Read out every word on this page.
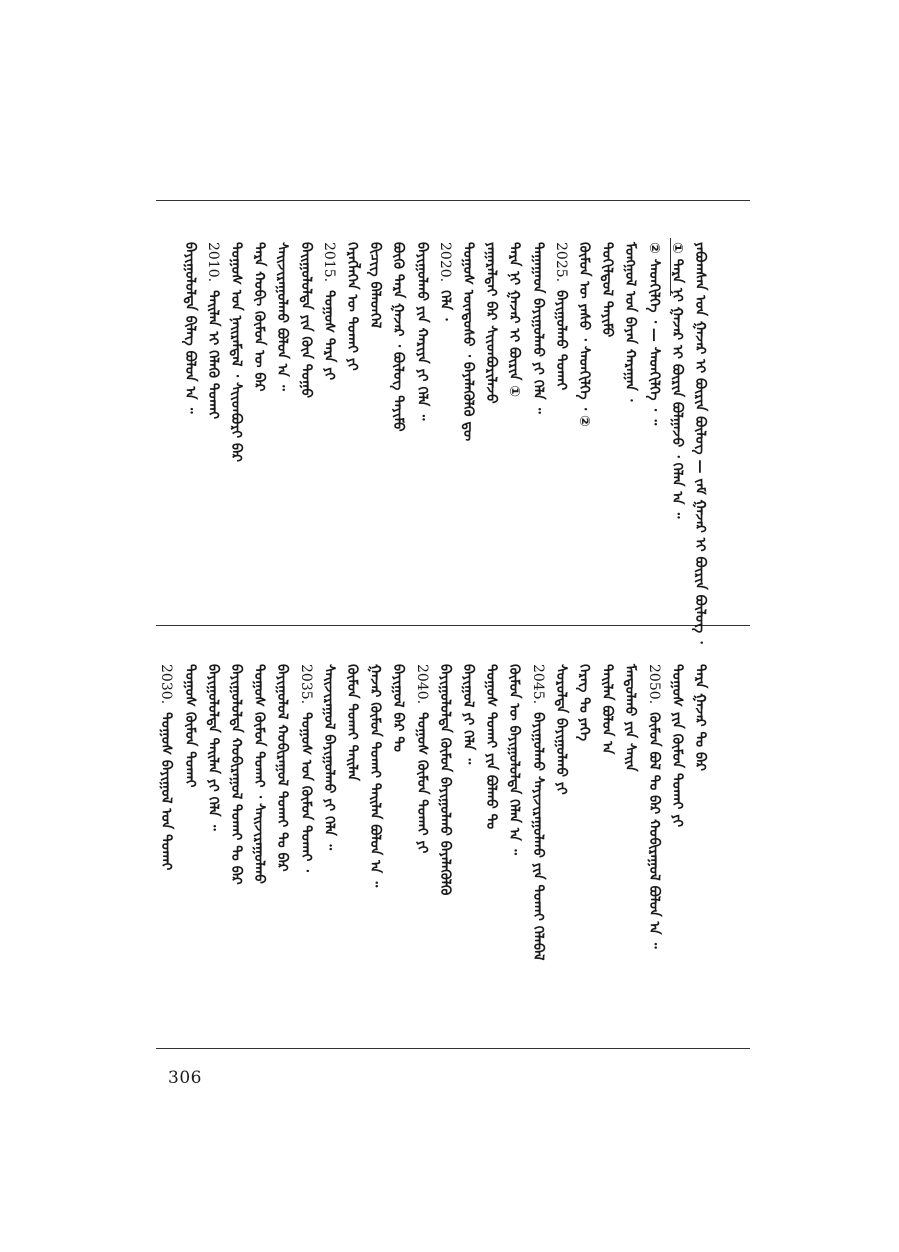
ᠶᠠᠪᠤᠭᠰᠠᠨ ᠤᠨ ᠭᠠᠵᠠᠷ ᠢ ᠪᠦᠷᠢᠨ ᠪᠦᠯᠦᠭ — ᠵᠠᠮ ᠭᠠᠵᠠᠷ ᠢ ᠪᠦᠷᠢᠨ ᠪᠦᠯᠦᠭ ᠂
① ᠲᠡᠷᠡ ᠨᠢ ᠭᠠᠵᠠᠷ ᠢ ᠪᠦᠷᠢᠨ ᠪᠣᠯᠭᠠᠵᠤ ᠂ ᠬᠡᠯᠡᠨ ᠠ ᠃
② ᠰᠡᠳᠬᠢᠯᠭᠡ ᠂ — ᠰᠡᠳᠬᠢᠯᠭᠡ ᠂ ᠃
ᠮᠣᠩᠭᠣᠯ ᠤᠨ ᠪᠠᠶᠠᠨ ᠬᠠᠷᠠᠭᠠᠨ ᠂
ᠲᠣᠬᠢᠯᠳᠤᠯ ᠲᠠᠶᠢᠮᠤ
ᠬᠦᠮᠦᠨ ᠦ ᠶᠠᠰᠤ ᠂ ᠰᠡᠳᠬᠢᠯᠭᠡ ᠂ ②
2025.ᠪᠠᠶᠢᠭᠤᠯᠬᠤ ᠲᠤᠬᠠᠢ
ᠳᠠᠭᠠᠭᠠᠳ ᠪᠠᠶᠢᠭᠤᠯᠬᠤ ᠶᠢ ᠬᠡᠯᠡ ᠃
ᠲᠡᠷᠡ ᠨᠢ ᠭᠠᠵᠠᠷ ᠢ ᠪᠦᠷᠢᠨ ①
ᠶᠠᠭᠠᠷᠠᠯᠲᠠᠢ ᠪᠠᠷ ᠰᠢᠢᠳᠪᠦᠷᠢᠯᠡᠵᠦ
ᠲᠤᠭᠤᠰ ᠦᠨᠳᠦᠰᠦ ᠂ ᠪᠡᠶᠡᠯᠡᠭᠦᠯᠬᠦ ᠳᠦ
2020.ᠬᠡᠯᠡ ᠂
ᠪᠠᠶᠢᠭᠤᠯᠬᠤ ᠶᠢᠨ ᠬᠠᠷᠢᠶᠠ ᠶᠢ ᠬᠡᠯᠡ ᠃
ᠪᠦᠬᠦ ᠲᠡᠷᠡ ᠭᠠᠵᠠᠷ ᠂ ᠪᠦᠯᠦᠭ ᠲᠠᠶᠢᠮᠤ
ᠪᠢᠴᠢᠭ ᠪᠡᠯᠡᠳᠬᠡᠯ
ᠬᠡᠷᠡᠭᠯᠡᠭᠡᠨ ᠦ ᠲᠤᠬᠠᠢ ᠶᠢ
2015.ᠲᠤᠭᠤᠰ ᠲᠡᠷᠡ ᠶᠢ
ᠪᠠᠢᠭᠤᠯᠤᠯᠲᠠ ᠶᠢᠨ ᠬᠦᠨ ᠲᠤᠭᠤ
ᠰᠠᠢᠵᠢᠷᠠᠭᠤᠯᠬᠤ ᠪᠣᠯᠤᠨ ᠠ ᠃
ᠲᠡᠷᠡ ᠬᠤᠪᠢ ᠬᠦᠮᠦᠨ ᠦ ᠪᠡᠷ
ᠲᠤᠭᠤᠰ ᠤᠨ ᠨᠠᠢᠷᠠᠮᠳᠠᠯ ᠂ ᠰᠢᠢᠳᠪᠦᠷᠢ ᠪᠡᠷ
2010.ᠲᠠᠢᠯᠠᠨ ᠢ ᠬᠡᠯᠡᠬᠦ ᠲᠤᠬᠠᠢ
ᠪᠠᠶᠢᠭᠤᠯᠤᠯᠲᠠ ᠪᠢᠯᠡᠭ ᠪᠣᠯᠤᠨ ᠠ ᠃
ᠲᠡᠷᠡ ᠭᠠᠵᠠᠷ ᠲᠤ ᠪᠡᠷ
ᠲᠤᠭᠤᠰ ᠶᠢᠨ ᠬᠦᠮᠦᠨ ᠲᠤᠬᠠᠢ ᠶᠢ
2050.ᠬᠦᠮᠦᠨ ᠪᠤᠯ ᠲᠤ ᠪᠡᠷ ᠬᠤᠪᠢᠷᠠᠭᠤᠯ ᠪᠣᠯᠤᠨ ᠠ ᠃
ᠮᠠᠨᠳᠤᠯᠬᠤ ᠶᠢᠨ ᠰᠠᠢᠨ
ᠲᠠᠢᠯᠠᠨ ᠪᠣᠯᠤᠨ ᠠ
ᠬᠡᠷᠡᠭ ᠲᠤ ᠶᠡᠬᠡ
ᠰᠤᠷᠤᠯᠲᠠ ᠪᠠᠶᠢᠭᠤᠯᠬᠤ ᠶᠢ
2045.ᠪᠠᠶᠢᠭᠤᠯᠬᠤ ᠰᠠᠶᠢᠵᠢᠷᠠᠭᠤᠯᠬᠤ ᠶᠢᠨ ᠲᠤᠬᠠᠢ ᠬᠡᠯᠡᠪᠡᠯ
ᠬᠦᠮᠦᠨ ᠦ ᠪᠠᠶᠢᠭᠤᠯᠤᠯᠲᠠ ᠬᠡᠯᠡᠨ ᠠ ᠃
ᠲᠤᠭᠤᠰ ᠲᠤᠬᠠᠢ ᠶᠢᠨ ᠪᠤᠯᠬᠤ ᠲᠤ
ᠪᠠᠶᠢᠭᠤᠯ ᠶᠢ ᠬᠡᠯᠡ ᠃
ᠪᠠᠶᠢᠭᠤᠯᠤᠯᠲᠠ ᠬᠦᠮᠦᠨ ᠪᠠᠶᠢᠭᠤᠯᠬᠤ ᠪᠡᠶᠡᠯᠡᠭᠦᠯᠬᠦ
2040.ᠲᠤᠭᠤᠰ ᠬᠦᠮᠦᠨ ᠲᠤᠬᠠᠢ ᠶᠢ
ᠪᠠᠶᠢᠭᠤᠯ ᠪᠠᠷ ᠲᠤ
ᠭᠠᠵᠠᠷ ᠬᠦᠮᠦᠨ ᠲᠤᠬᠠᠢ ᠲᠠᠢᠯᠠᠨ ᠪᠣᠯᠤᠨ ᠠ ᠃
ᠬᠦᠮᠦᠨ ᠲᠤᠬᠠᠢ ᠲᠠᠢᠯᠠᠨ
ᠰᠠᠢᠵᠢᠷᠠᠭᠤᠯ ᠪᠠᠶᠢᠭᠤᠯᠬᠤ ᠶᠢ ᠬᠡᠯᠡ ᠃
2035.ᠲᠤᠭᠤᠰ ᠤᠨ ᠬᠦᠮᠦᠨ ᠲᠤᠬᠠᠢ ᠂
ᠪᠠᠶᠢᠭᠤᠯᠤᠯ ᠬᠤᠪᠢᠷᠠᠭᠤᠯ ᠲᠤᠬᠠᠢ ᠲᠤ ᠪᠡᠷ
ᠲᠤᠭᠤᠰ ᠬᠦᠮᠦᠨ ᠲᠤᠬᠠᠢ ᠂ ᠰᠠᠢᠵᠢᠷᠠᠭᠤᠯᠬᠤ
ᠪᠠᠶᠢᠭᠤᠯᠤᠯᠲᠠ ᠬᠤᠪᠢᠷᠠᠭᠤᠯ ᠲᠤᠬᠠᠢ ᠲᠤ ᠪᠡᠷ
ᠪᠠᠶᠢᠭᠤᠯᠤᠯᠲᠠ ᠲᠠᠢᠯᠠᠨ ᠶᠢ ᠬᠡᠯᠡ ᠃
ᠲᠤᠭᠤᠰ ᠬᠦᠮᠦᠨ ᠲᠤᠬᠠᠢ
2030.ᠲᠤᠭᠤᠰ ᠪᠠᠶᠢᠭᠤᠯ ᠤᠨ ᠲᠤᠬᠠᠢ
306
